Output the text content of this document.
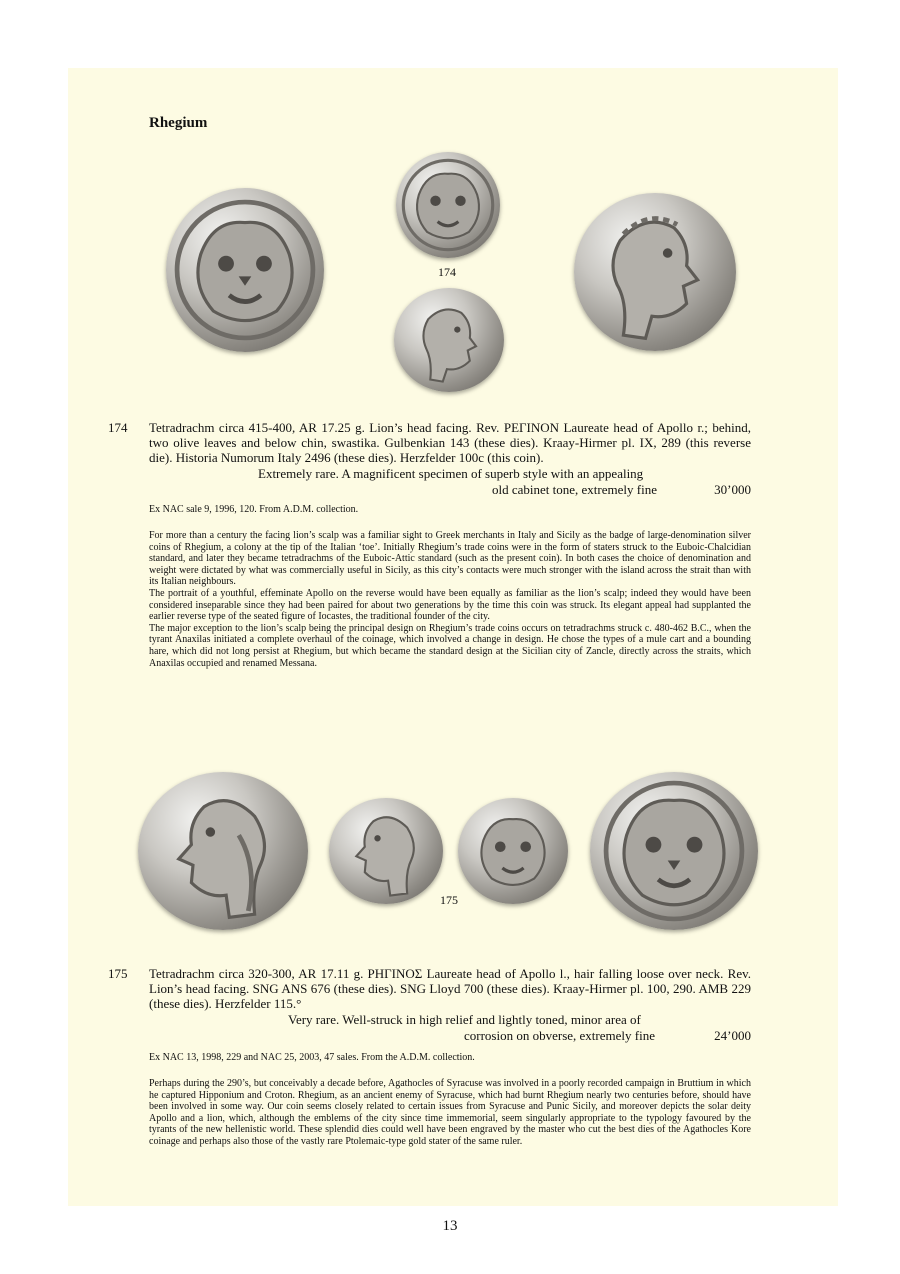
Rhegium
174
174 Tetradrachm circa 415-400, AR 17.25 g. Lion’s head facing. Rev. ΡΕΓΙΝΟΝ Laureate head of Apollo r.; behind, two olive leaves and below chin, swastika. Gulbenkian 143 (these dies). Kraay-Hirmer pl. IX, 289 (this reverse die). Historia Numorum Italy 2496 (these dies). Herzfelder 100c (this coin).
Extremely rare. A magnificent specimen of superb style with an appealing
old cabinet tone, extremely fine	30’000
Ex NAC sale 9, 1996, 120. From A.D.M. collection.

For more than a century the facing lion’s scalp was a familiar sight to Greek merchants in Italy and Sicily as the badge of large-denomination silver coins of Rhegium, a colony at the tip of the Italian ‘toe’. Initially Rhegium’s trade coins were in the form of staters struck to the Euboic-Chalcidian standard, and later they became tetradrachms of the Euboic-Attic standard (such as the present coin). In both cases the choice of denomination and weight were dictated by what was commercially useful in Sicily, as this city’s contacts were much stronger with the island across the strait than with its Italian neighbours.

The portrait of a youthful, effeminate Apollo on the reverse would have been equally as familiar as the lion’s scalp; indeed they would have been considered inseparable since they had been paired for about two generations by the time this coin was struck. Its elegant appeal had supplanted the earlier reverse type of the seated figure of Iocastes, the traditional founder of the city.

The major exception to the lion’s scalp being the principal design on Rhegium’s trade coins occurs on tetradrachms struck c. 480-462 B.C., when the tyrant Anaxilas initiated a complete overhaul of the coinage, which involved a change in design. He chose the types of a mule cart and a bounding hare, which did not long persist at Rhegium, but which became the standard design at the Sicilian city of Zancle, directly across the straits, which Anaxilas occupied and renamed Messana.

175
175 Tetradrachm circa 320-300, AR 17.11 g. ΡΗΓΙΝΟΣ Laureate head of Apollo l., hair falling loose over neck. Rev. Lion’s head facing. SNG ANS 676 (these dies). SNG Lloyd 700 (these dies). Kraay-Hirmer pl. 100, 290. AMB 229 (these dies). Herzfelder 115.°
Very rare. Well-struck in high relief and lightly toned, minor area of
corrosion on obverse, extremely fine	24’000
Ex NAC 13, 1998, 229 and NAC 25, 2003, 47 sales. From the A.D.M. collection.

Perhaps during the 290’s, but conceivably a decade before, Agathocles of Syracuse was involved in a poorly recorded campaign in Bruttium in which he captured Hipponium and Croton. Rhegium, as an ancient enemy of Syracuse, which had burnt Rhegium nearly two centuries before, should have been involved in some way. Our coin seems closely related to certain issues from Syracuse and Punic Sicily, and moreover depicts the solar deity Apollo and a lion, which, although the emblems of the city since time immemorial, seem singularly appropriate to the typology favoured by the tyrants of the new hellenistic world. These splendid dies could well have been engraved by the master who cut the best dies of the Agathocles Kore coinage and perhaps also those of the vastly rare Ptolemaic-type gold stater of the same ruler.

13
